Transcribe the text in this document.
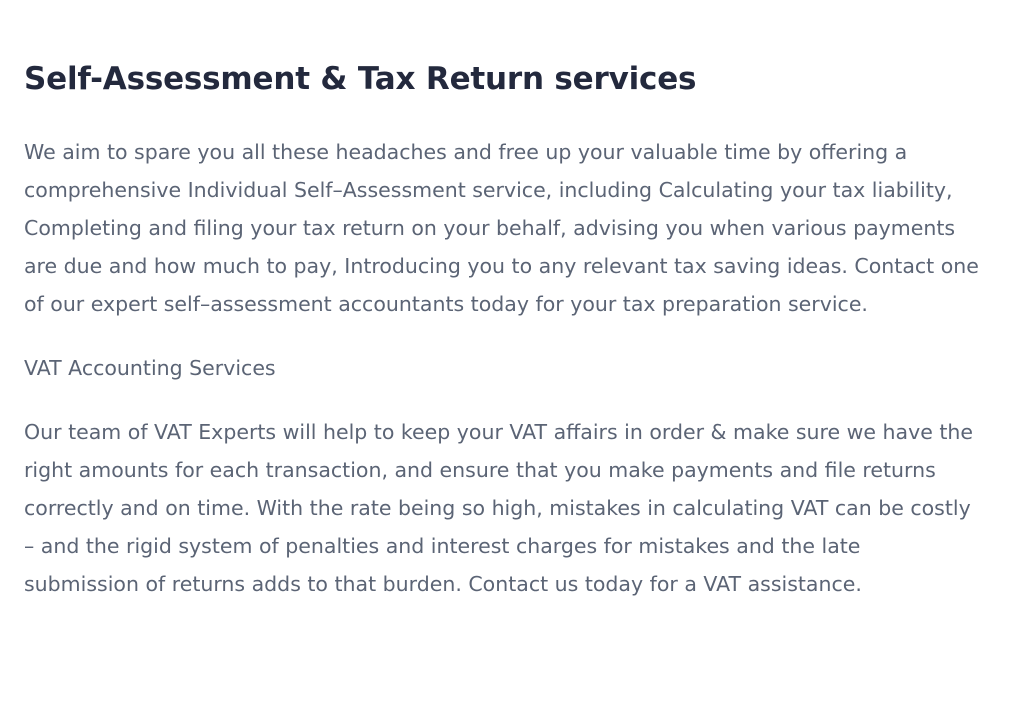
Self-Assessment & Tax Return services

We aim to spare you all these headaches and free up your valuable time by offering a comprehensive Individual Self–Assessment service, including Calculating your tax liability, Completing and filing your tax return on your behalf, advising you when various payments are due and how much to pay, Introducing you to any relevant tax saving ideas. Contact one of our expert self–assessment accountants today for your tax preparation service.

VAT Accounting Services

Our team of VAT Experts will help to keep your VAT affairs in order & make sure we have the right amounts for each transaction, and ensure that you make payments and file returns correctly and on time. With the rate being so high, mistakes in calculating VAT can be costly – and the rigid system of penalties and interest charges for mistakes and the late submission of returns adds to that burden. Contact us today for a VAT assistance.
